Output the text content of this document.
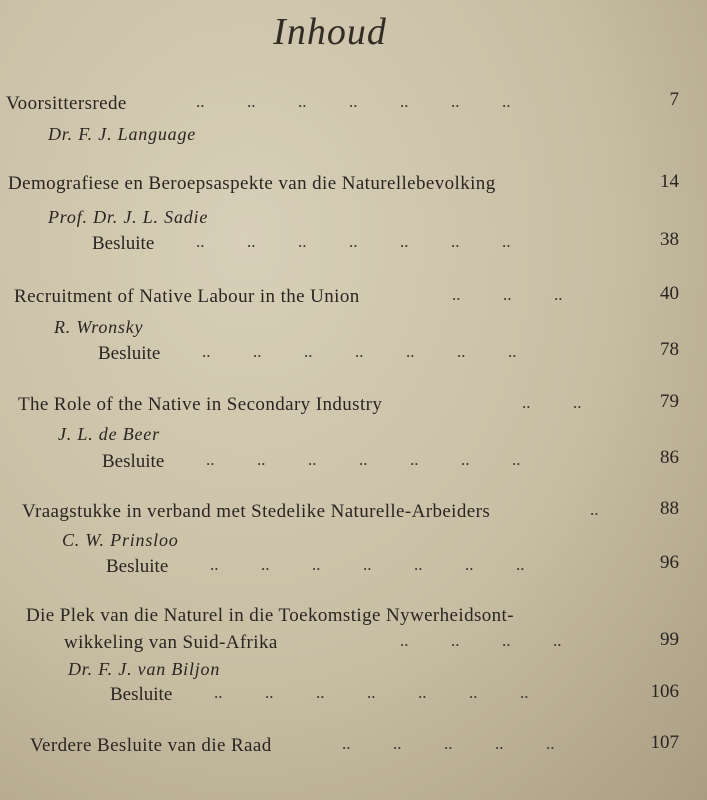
Inhoud
Voorsittersrede	..          ..          ..          ..          ..          ..          ..	7
Dr. F. J. Language
Demografiese en Beroepsaspekte van die Naturellebevolking	14
Prof. Dr. J. L. Sadie
Besluite ..          ..          ..          ..          ..          ..          ..	38
Recruitment of Native Labour in the Union	..          ..          ..	40
R. Wronsky
Besluite ..          ..          ..          ..          ..          ..          ..	78
The Role of the Native in Secondary Industry	..          ..	79
J. L. de Beer
Besluite ..          ..          ..          ..          ..          ..          ..	86
Vraagstukke in verband met Stedelike Naturelle-Arbeiders	..	88
C. W. Prinsloo
Besluite ..          ..          ..          ..          ..          ..          ..	96
Die Plek van die Naturel in die Toekomstige Nywerheidsont-
wikkeling van Suid-Afrika	..          ..          ..          ..	99
Dr. F. J. van Biljon
Besluite ..          ..          ..          ..          ..          ..          ..	106
Verdere Besluite van die Raad	..          ..          ..          ..          ..	107
